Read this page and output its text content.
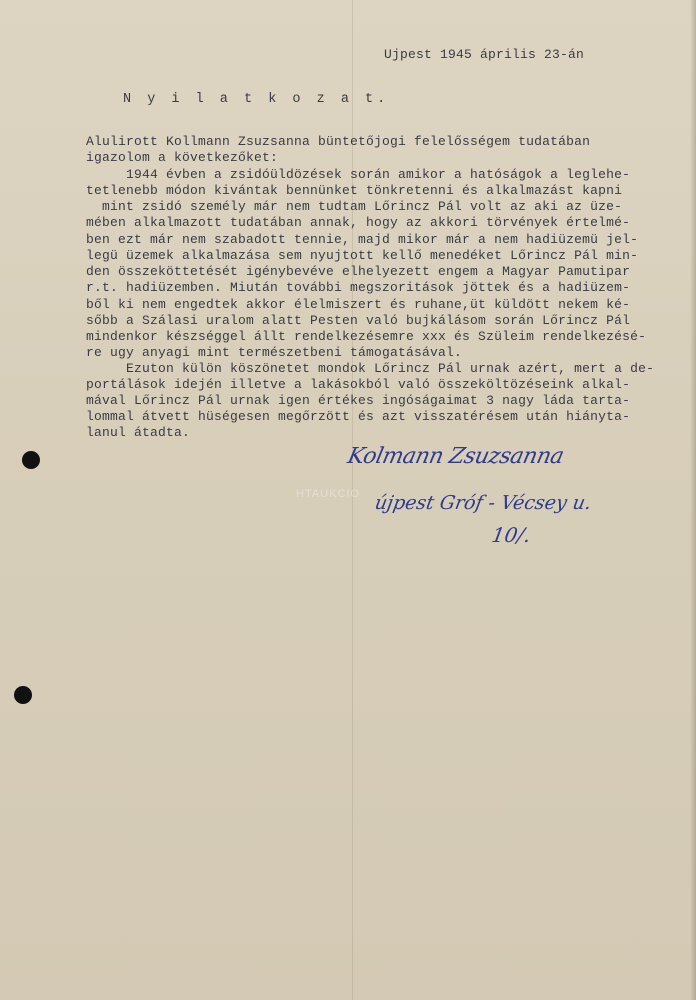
Ujpest 1945 április 23-án
N y i l a t k o z a t.
Alulirott Kollmann Zsuzsanna büntetőjogi felelősségem tudatában
igazolom a következőket:
1944 évben a zsidóüldözések során amikor a hatóságok a leglehe-
tetlenebb módon kivántak bennünket tönkretenni és alkalmazást kapni
mint zsidó személy már nem tudtam Lőrincz Pál volt az aki az üze-
mében alkalmazott tudatában annak, hogy az akkori törvények értelmé-
ben ezt már nem szabadott tennie, majd mikor már a nem hadiüzemü jel-
legü üzemek alkalmazása sem nyujtott kellő menedéket Lőrincz Pál min-
den összeköttetését igénybevéve elhelyezett engem a Magyar Pamutipar
r.t. hadiüzemben. Miután további megszoritások jöttek és a hadiüzem-
ből ki nem engedtek akkor élelmiszert és ruhane,üt küldött nekem ké-
sőbb a Szálasi uralom alatt Pesten való bujkálásom során Lőrincz Pál
mindenkor készséggel állt rendelkezésemre xxx és Szüleim rendelkezésé-
re ugy anyagi mint természetbeni támogatásával.
Ezuton külön köszönetet mondok Lőrincz Pál urnak azért, mert a de-
portálások idején illetve a lakásokból való összeköltözéseink alkal-
mával Lőrincz Pál urnak igen értékes ingóságaimat 3 nagy láda tarta-
lommal átvett hüségesen megőrzött és azt visszatérésem után hiányta-
lanul átadta.
HTAUKCIO
Kolmann Zsuzsanna
újpest Gróf - Vécsey u.
10/.
